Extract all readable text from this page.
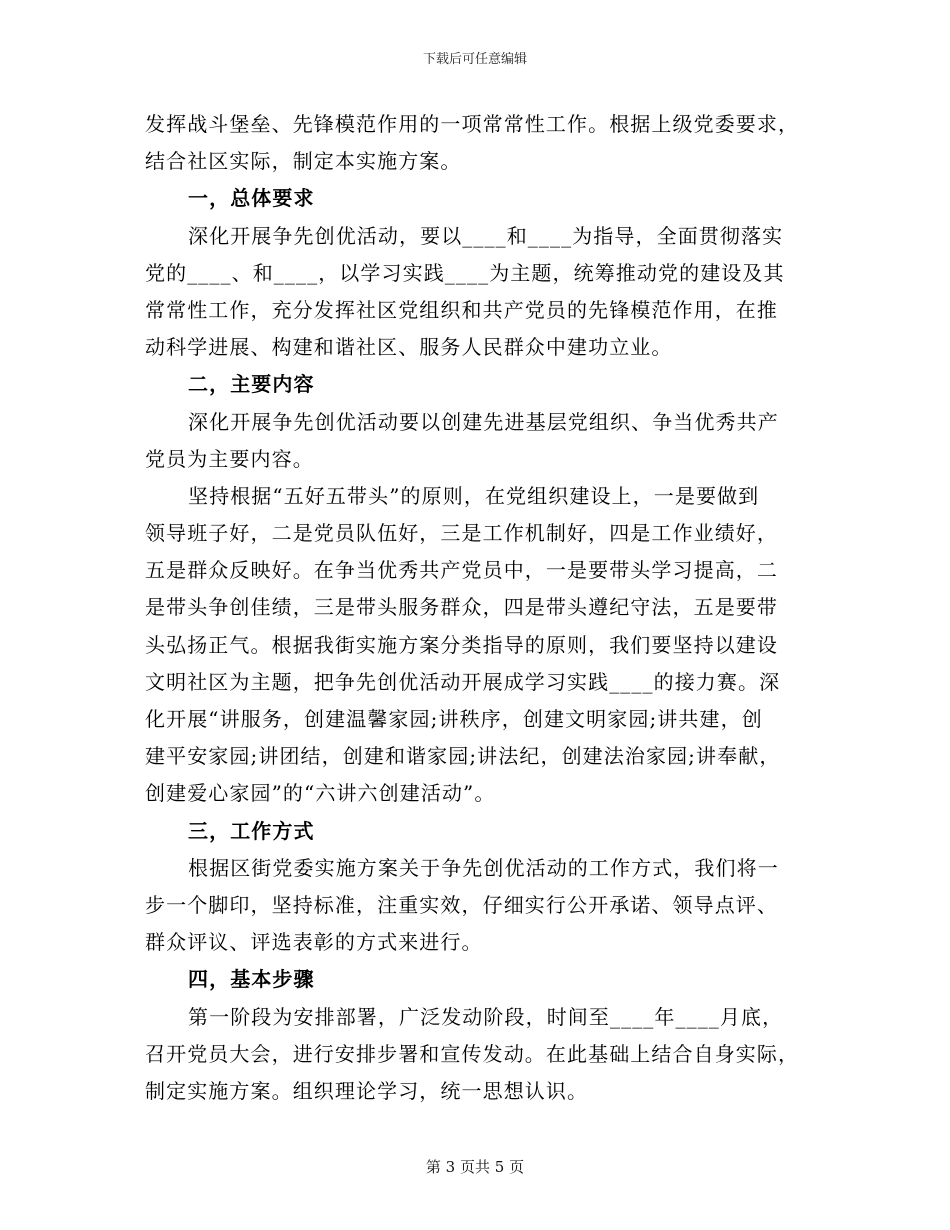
下载后可任意编辑
发挥战斗堡垒、先锋模范作用的一项常常性工作。根据上级党委要求，
结合社区实际，制定本实施方案。
一，总体要求
深化开展争先创优活动，要以____和____为指导，全面贯彻落实
党的____、和____，以学习实践____为主题，统筹推动党的建设及其
常常性工作，充分发挥社区党组织和共产党员的先锋模范作用，在推
动科学进展、构建和谐社区、服务人民群众中建功立业。
二，主要内容
深化开展争先创优活动要以创建先进基层党组织、争当优秀共产
党员为主要内容。
坚持根据“五好五带头”的原则，在党组织建设上，一是要做到
领导班子好，二是党员队伍好，三是工作机制好，四是工作业绩好，
五是群众反映好。在争当优秀共产党员中，一是要带头学习提高，二
是带头争创佳绩，三是带头服务群众，四是带头遵纪守法，五是要带
头弘扬正气。根据我街实施方案分类指导的原则，我们要坚持以建设
文明社区为主题，把争先创优活动开展成学习实践____的接力赛。深
化开展“讲服务，创建温馨家园;讲秩序，创建文明家园;讲共建，创
建平安家园;讲团结，创建和谐家园;讲法纪，创建法治家园;讲奉献，
创建爱心家园”的“六讲六创建活动”。
三，工作方式
根据区街党委实施方案关于争先创优活动的工作方式，我们将一
步一个脚印，坚持标准，注重实效，仔细实行公开承诺、领导点评、
群众评议、评选表彰的方式来进行。
四，基本步骤
第一阶段为安排部署，广泛发动阶段，时间至____年____月底，
召开党员大会，进行安排步署和宣传发动。在此基础上结合自身实际，
制定实施方案。组织理论学习，统一思想认识。
第 3 页共 5 页
